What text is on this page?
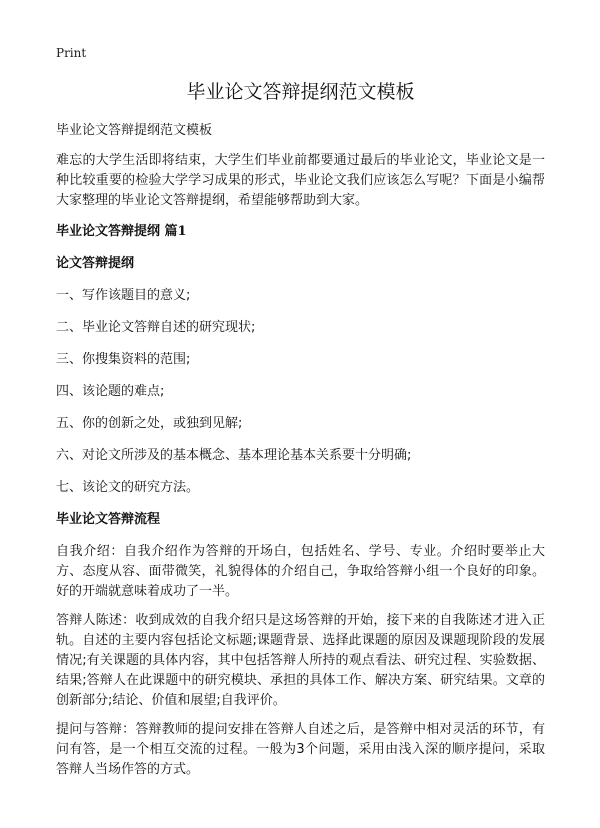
Print
毕业论文答辩提纲范文模板

毕业论文答辩提纲范文模板

难忘的大学生活即将结束，大学生们毕业前都要通过最后的毕业论文，毕业论文是一种比较重要的检验大学学习成果的形式，毕业论文我们应该怎么写呢？下面是小编帮大家整理的毕业论文答辩提纲，希望能够帮助到大家。

毕业论文答辩提纲 篇1

论文答辩提纲

一、写作该题目的意义;

二、毕业论文答辩自述的研究现状;

三、你搜集资料的范围;

四、该论题的难点;

五、你的创新之处，或独到见解;

六、对论文所涉及的基本概念、基本理论基本关系要十分明确;

七、该论文的研究方法。

毕业论文答辩流程

自我介绍：自我介绍作为答辩的开场白，包括姓名、学号、专业。介绍时要举止大方、态度从容、面带微笑，礼貌得体的介绍自己，争取给答辩小组一个良好的印象。好的开端就意味着成功了一半。

答辩人陈述：收到成效的自我介绍只是这场答辩的开始，接下来的自我陈述才进入正轨。自述的主要内容包括论文标题;课题背景、选择此课题的原因及课题现阶段的发展情况;有关课题的具体内容，其中包括答辩人所持的观点看法、研究过程、实验数据、结果;答辩人在此课题中的研究模块、承担的具体工作、解决方案、研究结果。文章的创新部分;结论、价值和展望;自我评价。

提问与答辩：答辩教师的提问安排在答辩人自述之后，是答辩中相对灵活的环节，有问有答，是一个相互交流的过程。一般为3个问题，采用由浅入深的顺序提问，采取答辩人当场作答的方式。
